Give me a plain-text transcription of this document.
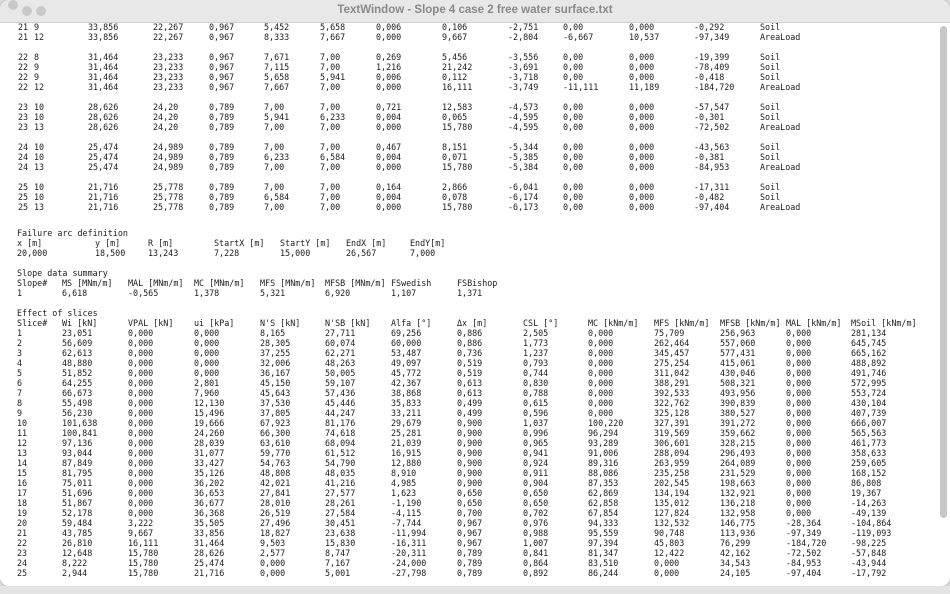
TextWindow - Slope 4 case 2 free water surface.txt
21 9	33,856	22,267	0,967	5,452	5,658	0,006	0,106	-2,751	0,00	0,000	-0,292	Soil
21 12	33,856	22,267	0,967	8,333	7,667	0,000	9,667	-2,804	-6,667	10,537	-97,349	AreaLoad
22 8	31,464	23,233	0,967	7,671	7,00	0,269	5,456	-3,556	0,00	0,000	-19,399	Soil
22 9	31,464	23,233	0,967	7,115	7,00	1,216	21,242	-3,691	0,00	0,000	-78,409	Soil
22 9	31,464	23,233	0,967	5,658	5,941	0,006	0,112	-3,718	0,00	0,000	-0,418	Soil
22 12	31,464	23,233	0,967	7,667	7,00	0,000	16,111	-3,749	-11,111	11,189	-184,720	AreaLoad
23 10	28,626	24,20	0,789	7,00	7,00	0,721	12,583	-4,573	0,00	0,000	-57,547	Soil
23 10	28,626	24,20	0,789	5,941	6,233	0,004	0,065	-4,595	0,00	0,000	-0,301	Soil
23 13	28,626	24,20	0,789	7,00	7,00	0,000	15,780	-4,595	0,00	0,000	-72,502	AreaLoad
24 10	25,474	24,989	0,789	7,00	7,00	0,467	8,151	-5,344	0,00	0,000	-43,563	Soil
24 10	25,474	24,989	0,789	6,233	6,584	0,004	0,071	-5,385	0,00	0,000	-0,381	Soil
24 13	25,474	24,989	0,789	7,00	7,00	0,000	15,780	-5,384	0,00	0,000	-84,953	AreaLoad
25 10	21,716	25,778	0,789	7,00	7,00	0,164	2,866	-6,041	0,00	0,000	-17,311	Soil
25 10	21,716	25,778	0,789	6,584	7,00	0,004	0,078	-6,174	0,00	0,000	-0,482	Soil
25 13	21,716	25,778	0,789	7,00	7,00	0,000	15,780	-6,173	0,00	0,000	-97,404	AreaLoad
Failure arc definition
x [m]	y [m]	R [m]	StartX [m] StartY [m] EndX [m]	EndY[m]
20,000	18,500	13,243	7,228	15,000	26,567	7,000
Slope data summary
Slope# MS [MNm/m] MAL [MNm/m] MC [MNm/m] MFS [MNm/m] MFSB [MNm/m] FSwedish	FSBishop
1	6,618	-0,565	1,378	5,321	6,920	1,107	1,371
Effect of slices
Slice# Wi [kN]	VPAL [kN] ui [kPa]	N'S [kN]	N'SB [kN] Alfa [°]	Δx [m]	CSL [°]	MC [kNm/m] MFS [kNm/m] MFSB [kNm/m] MAL [kNm/m] MSoil [kNm/m]
1	23,051	0,000	0,000	8,165	27,711	69,256	0,886	2,505	0,000	75,709	256,963	0,000	281,134
2	56,609	0,000	0,000	28,305	60,074	60,000	0,886	1,773	0,000	262,464	557,060	0,000	645,745
3	62,613	0,000	0,000	37,255	62,271	53,487	0,736	1,237	0,000	345,457	577,431	0,000	665,162
4	48,880	0,000	0,000	32,006	48,263	49,097	0,519	0,793	0,000	275,254	415,061	0,000	488,892
5	51,852	0,000	0,000	36,167	50,005	45,772	0,519	0,744	0,000	311,042	430,046	0,000	491,746
6	64,255	0,000	2,801	45,150	59,107	42,367	0,613	0,830	0,000	388,291	508,321	0,000	572,995
7	66,673	0,000	7,960	45,643	57,436	38,868	0,613	0,788	0,000	392,533	493,956	0,000	553,724
8	55,498	0,000	12,130	37,530	45,446	35,833	0,499	0,615	0,000	322,762	390,839	0,000	430,104
9	56,230	0,000	15,496	37,805	44,247	33,211	0,499	0,596	0,000	325,128	380,527	0,000	407,739
10	101,638	0,000	19,666	67,923	81,176	29,679	0,900	1,037	100,220	327,391	391,272	0,000	666,007
11	100,841	0,000	24,260	66,300	74,618	25,281	0,900	0,996	96,294	319,569	359,662	0,000	565,563
12	97,136	0,000	28,039	63,610	68,094	21,039	0,900	0,965	93,289	306,601	328,215	0,000	461,773
13	93,044	0,000	31,077	59,770	61,512	16,915	0,900	0,941	91,006	288,094	296,493	0,000	358,633
14	87,849	0,000	33,427	54,763	54,790	12,880	0,900	0,924	89,316	263,959	264,089	0,000	259,605
15	81,795	0,000	35,126	48,808	48,035	8,910	0,900	0,911	88,086	235,258	231,529	0,000	168,152
16	75,011	0,000	36,202	42,021	41,216	4,985	0,900	0,904	87,353	202,545	198,663	0,000	86,808
17	51,696	0,000	36,653	27,841	27,577	1,623	0,650	0,650	62,869	134,194	132,921	0,000	19,367
18	51,867	0,000	36,677	28,010	28,261	-1,190	0,650	0,650	62,858	135,012	136,218	0,000	-14,263
19	52,178	0,000	36,368	26,519	27,584	-4,115	0,700	0,702	67,854	127,824	132,958	0,000	-49,139
20	59,484	3,222	35,505	27,496	30,451	-7,744	0,967	0,976	94,333	132,532	146,775	-28,364	-104,864
21	43,785	9,667	33,856	18,827	23,638	-11,994	0,967	0,988	95,559	90,748	113,936	-97,349	-119,093
22	26,810	16,111	31,464	9,503	15,830	-16,311	0,967	1,007	97,394	45,803	76,299	-184,720	-98,225
23	12,648	15,780	28,626	2,577	8,747	-20,311	0,789	0,841	81,347	12,422	42,162	-72,502	-57,848
24	8,222	15,780	25,474	0,000	7,167	-24,000	0,789	0,864	83,510	0,000	34,543	-84,953	-43,944
25	2,944	15,780	21,716	0,000	5,001	-27,798	0,789	0,892	86,244	0,000	24,105	-97,404	-17,792
